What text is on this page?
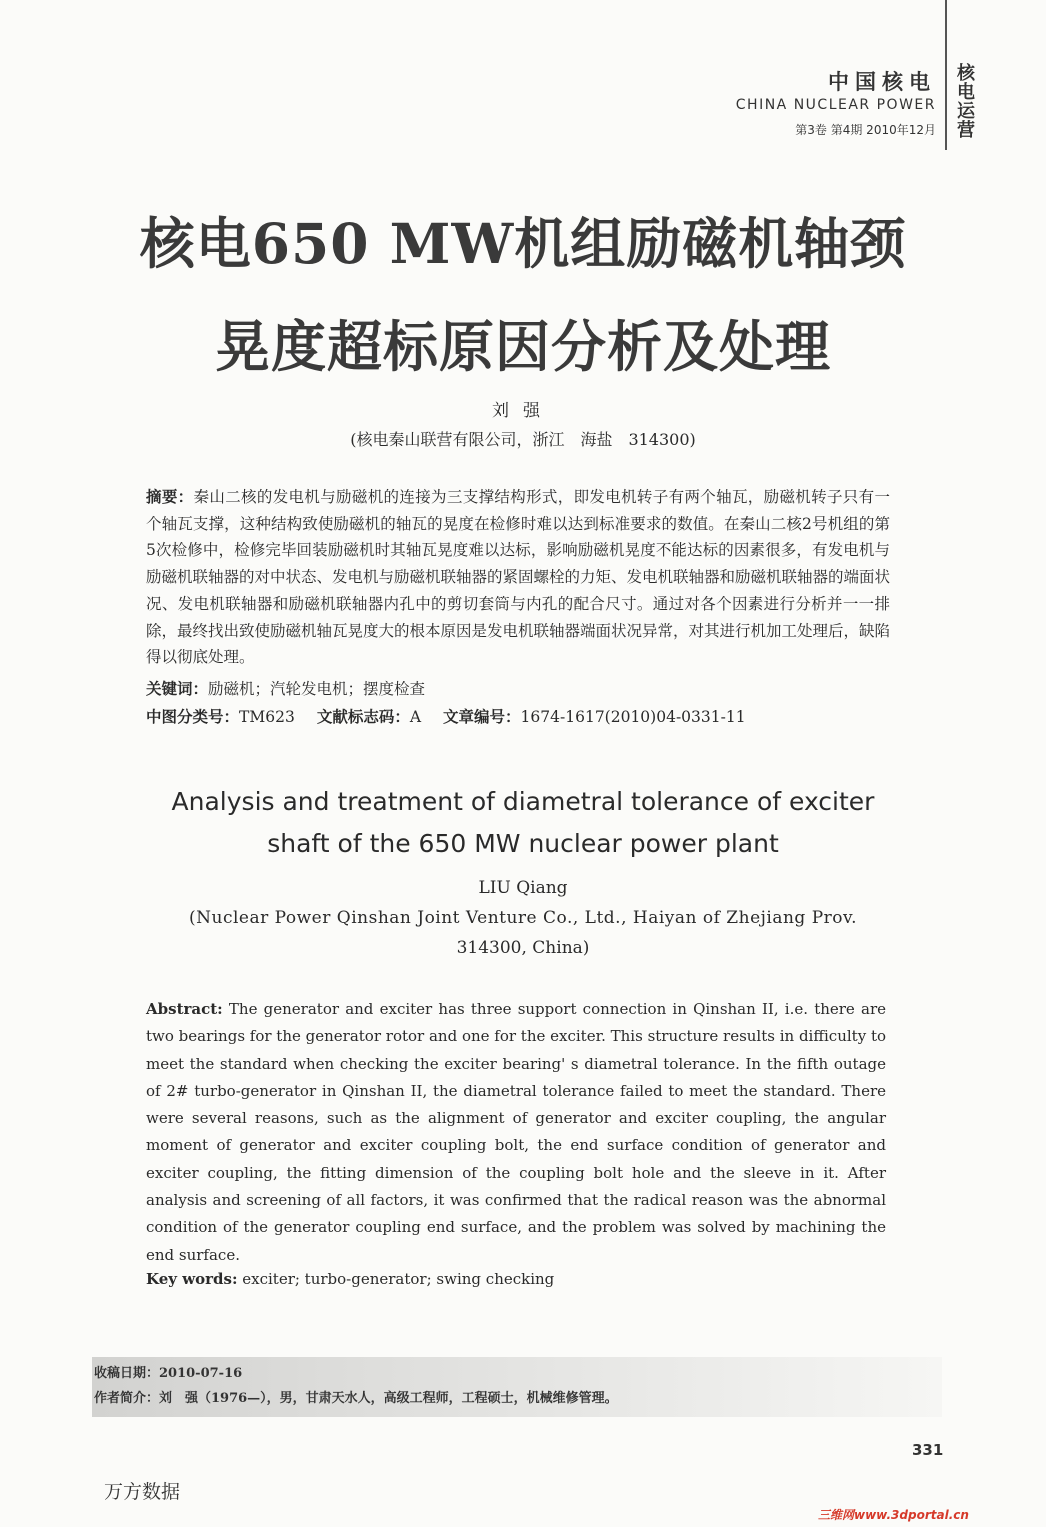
中国核电
CHINA NUCLEAR POWER
第3卷 第4期 2010年12月
核
电
运
营
核电650 MW机组励磁机轴颈
晃度超标原因分析及处理
刘强
(核电秦山联营有限公司，浙江　海盐　314300)
摘要：秦山二核的发电机与励磁机的连接为三支撑结构形式，即发电机转子有两个轴瓦，励磁机转子只有一个轴瓦支撑，这种结构致使励磁机的轴瓦的晃度在检修时难以达到标准要求的数值。在秦山二核2号机组的第5次检修中，检修完毕回装励磁机时其轴瓦晃度难以达标，影响励磁机晃度不能达标的因素很多，有发电机与励磁机联轴器的对中状态、发电机与励磁机联轴器的紧固螺栓的力矩、发电机联轴器和励磁机联轴器的端面状况、发电机联轴器和励磁机联轴器内孔中的剪切套筒与内孔的配合尺寸。通过对各个因素进行分析并一一排除，最终找出致使励磁机轴瓦晃度大的根本原因是发电机联轴器端面状况异常，对其进行机加工处理后，缺陷得以彻底处理。
关键词：励磁机；汽轮发电机；摆度检查
中图分类号：TM623 文献标志码：A 文章编号：1674-1617(2010)04-0331-11
Analysis and treatment of diametral tolerance of exciter
shaft of the 650 MW nuclear power plant
LIU Qiang
(Nuclear Power Qinshan Joint Venture Co., Ltd., Haiyan of Zhejiang Prov.
314300, China)
Abstract: The generator and exciter has three support connection in Qinshan II, i.e. there are two bearings for the generator rotor and one for the exciter. This structure results in difficulty to meet the standard when checking the exciter bearing' s diametral tolerance. In the fifth outage of 2# turbo-generator in Qinshan II, the diametral tolerance failed to meet the standard. There were several reasons, such as the alignment of generator and exciter coupling, the angular moment of generator and exciter coupling bolt, the end surface condition of generator and exciter coupling, the fitting dimension of the coupling bolt hole and the sleeve in it. After analysis and screening of all factors, it was confirmed that the radical reason was the abnormal condition of the generator coupling end surface, and the problem was solved by machining the end surface.
Key words: exciter; turbo-generator; swing checking
收稿日期：2010-07-16
作者简介：刘　强（1976—），男，甘肃天水人，高级工程师，工程硕士，机械维修管理。
331
万方数据
三维网www.3dportal.cn
